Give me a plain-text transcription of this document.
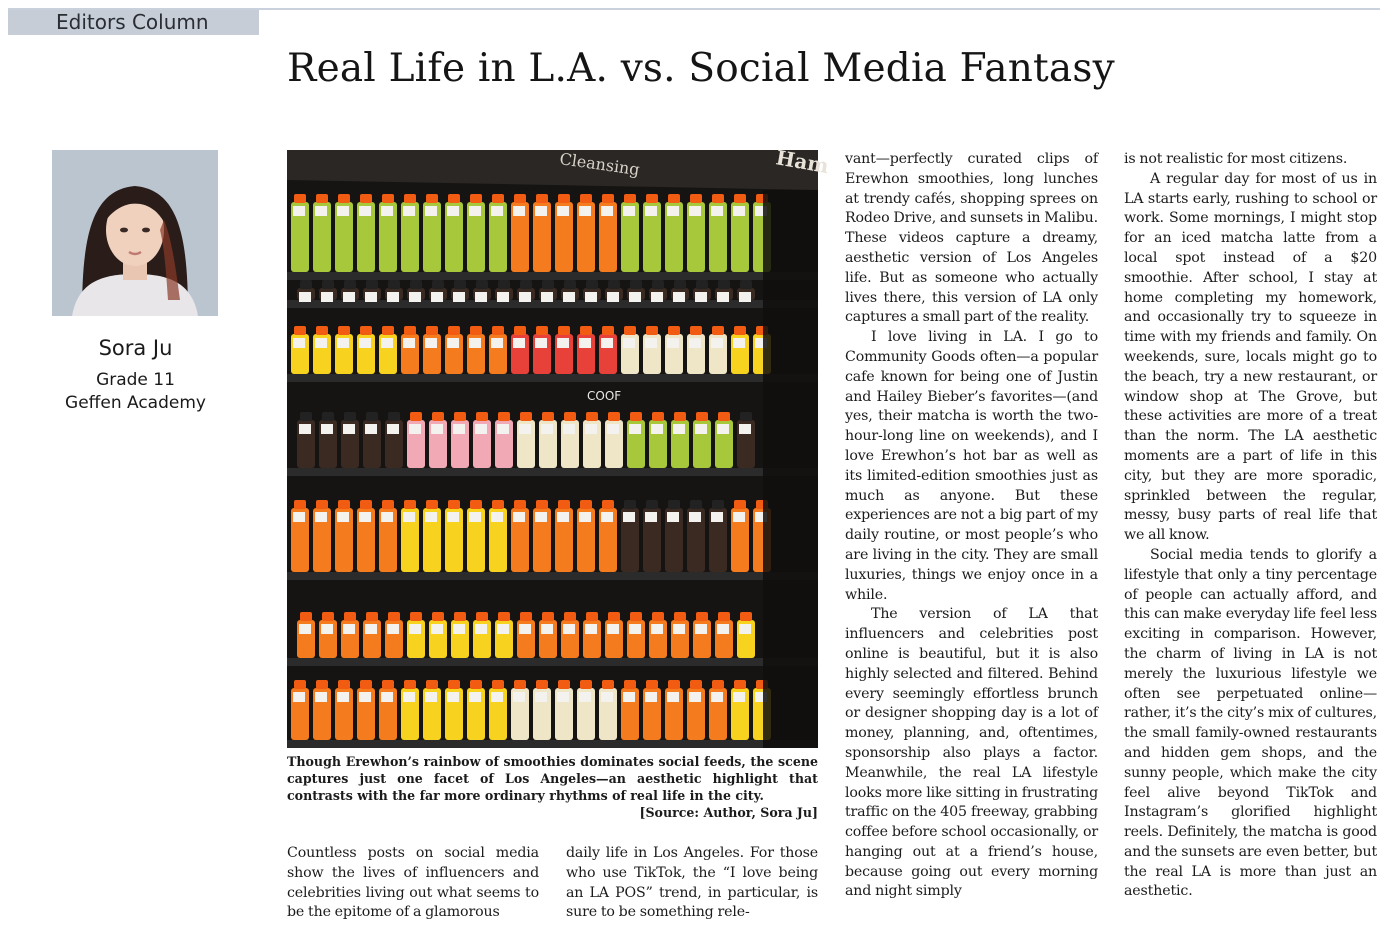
Editors Column
Real Life in L.A. vs. Social Media Fantasy
Sora Ju
Grade 11
Geffen Academy
Cleansing	Ham
COOF

Though Erewhon’s rainbow of smoothies dominates social feeds, the scene captures just one facet of Los Angeles—an aesthetic highlight that contrasts with the far more ordinary rhythms of real life in the city.

[Source: Author, Sora Ju]

Countless posts on social media show the lives of influencers and celebrities living out what seems to be the epitome of a glamorous

daily life in Los Angeles. For those who use TikTok, the “I love being an LA POS” trend, in particular, is sure to be something rele-

vant—perfectly curated clips of Erewhon smoothies, long lunches at trendy cafés, shopping sprees on Rodeo Drive, and sunsets in Malibu. These videos capture a dreamy, aesthetic version of Los Angeles life. But as someone who actually lives there, this version of LA only captures a small part of the reality.

I love living in LA. I go to Community Goods often—a popular cafe known for being one of Justin and Hailey Bieber’s favorites—(and yes, their matcha is worth the two-hour-long line on weekends), and I love Erewhon’s hot bar as well as its limited-edition smoothies just as much as anyone. But these experiences are not a big part of my daily routine, or most people’s who are living in the city. They are small luxuries, things we enjoy once in a while.

The version of LA that influencers and celebrities post online is beautiful, but it is also highly selected and filtered. Behind every seemingly effortless brunch or designer shopping day is a lot of money, planning, and, oftentimes, sponsorship also plays a factor. Meanwhile, the real LA lifestyle looks more like sitting in frustrating traffic on the 405 freeway, grabbing coffee before school occasionally, or hanging out at a friend’s house, because going out every morning and night simply

is not realistic for most citizens.

A regular day for most of us in LA starts early, rushing to school or work. Some mornings, I might stop for an iced matcha latte from a local spot instead of a $20 smoothie. After school, I stay at home completing my homework, and occasionally try to squeeze in time with my friends and family. On weekends, sure, locals might go to the beach, try a new restaurant, or window shop at The Grove, but these activities are more of a treat than the norm. The LA aesthetic moments are a part of life in this city, but they are more sporadic, sprinkled between the regular, messy, busy parts of real life that we all know.

Social media tends to glorify a lifestyle that only a tiny percentage of people can actually afford, and this can make everyday life feel less exciting in comparison. However, the charm of living in LA is not merely the luxurious lifestyle we often see perpetuated online—rather, it’s the city’s mix of cultures, the small family-owned restaurants and hidden gem shops, and the sunny people, which make the city feel alive beyond TikTok and Instagram’s glorified highlight reels. Definitely, the matcha is good and the sunsets are even better, but the real LA is more than just an aesthetic.
